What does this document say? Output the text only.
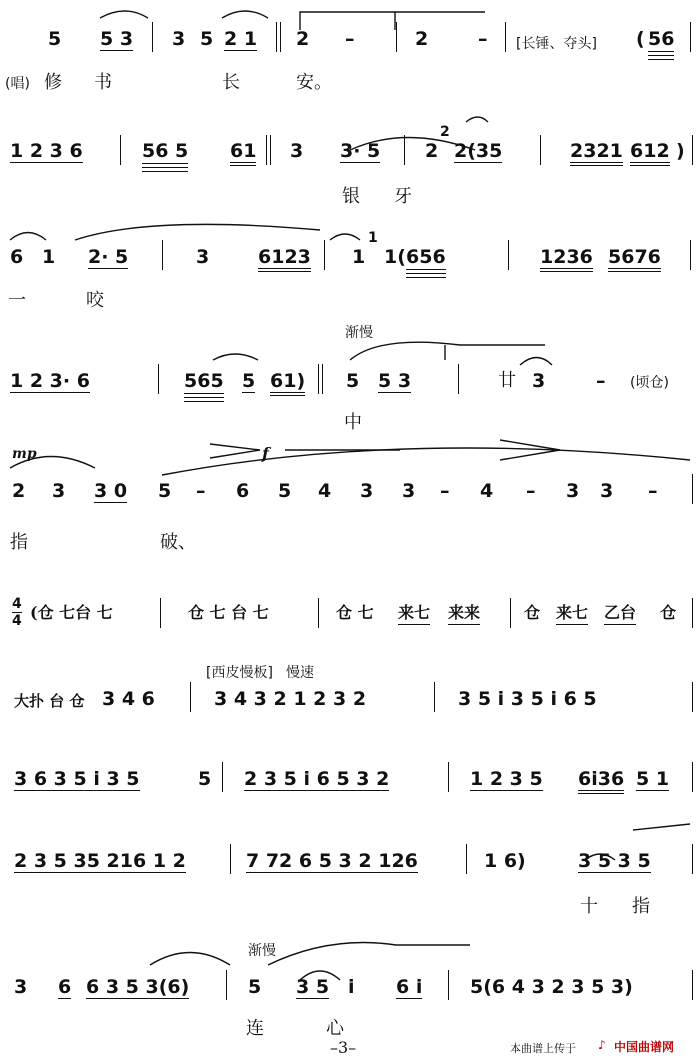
5 5 3 3 5 2 1 2 –	2	– [长锤、夺头] ( 56
(唱) 修 书	长	安。
1 2 3 6	56 5 61 3 3· 5 2
2
2(35	2321 612 )
银 牙
6 1 2· 5	3	6123 1
1
1( 656	1236 5676
一	咬
渐慢
1 2 3· 6	565 5 61) 5 5 3	廿 3	– (顷仓)
中
mp	f
2 3 3 0 5 – 6 5 4 3 3 – 4 – 3 3 –
指	破、
4
4 (仓 七台 七	仓 七 台 七	仓 七 来七 来来	仓 来七 乙台 仓
[西皮慢板] 慢速
大扑 台 仓 3 4 6	3 4 3 2 1 2 3 2	3 5 i 3 5 i 6 5
3 6 3 5 i 3 5	5 2 3 5 i 6 5 3 2	1 2 3 5 6i36 5 1
2 3 5 35 216 1 2	7 72 6 5 3 2 126	1 6)	3 5 3 5
十 指
渐慢
3 6 6 3 5 3(6)	5 3 5 i 6 i	5(6 4 3 2 3 5 3)
连	心
–3–	本曲谱上传于 ♪ 中国曲谱网
